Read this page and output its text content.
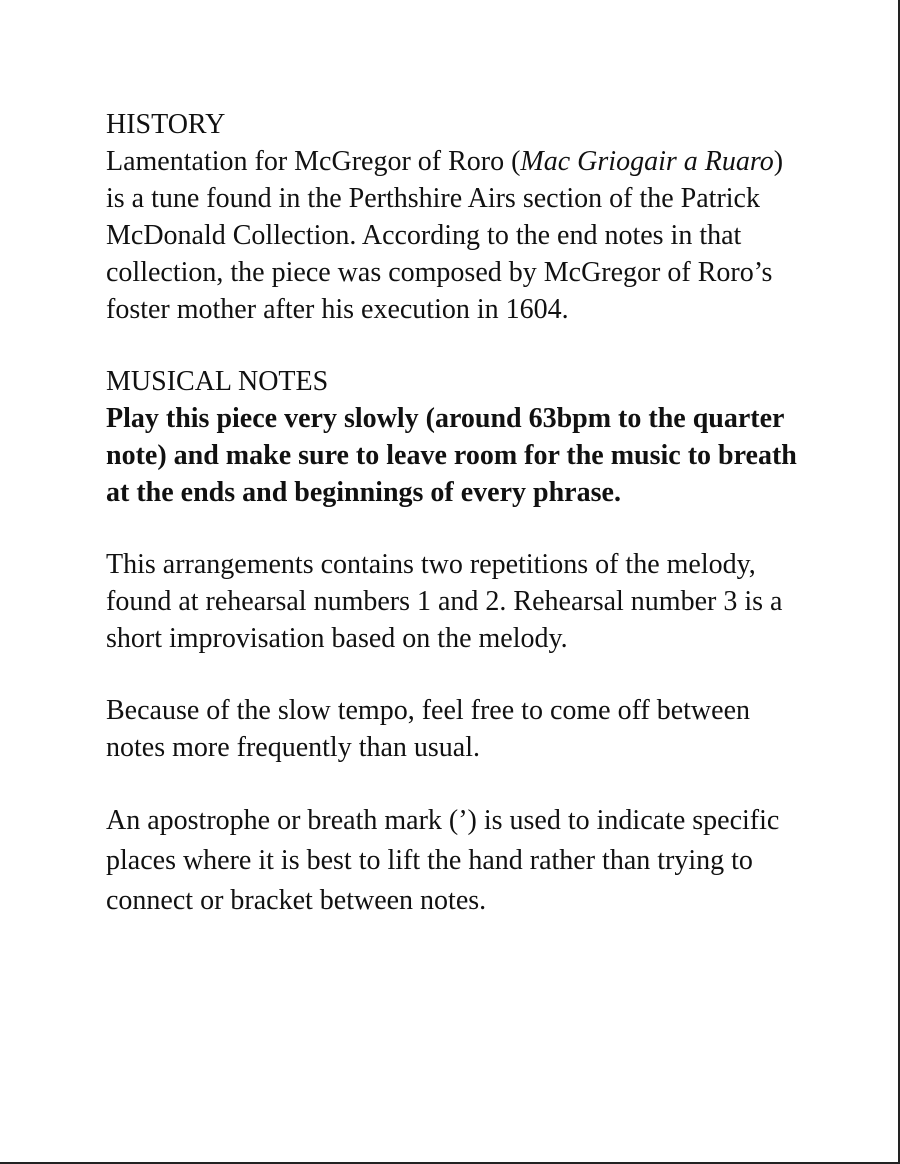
HISTORY

Lamentation for McGregor of Roro (Mac Griogair a Ruaro) is a tune found in the Perthshire Airs section of the Patrick McDonald Collection. According to the end notes in that collection, the piece was composed by McGregor of Roro’s foster mother after his execution in 1604.

MUSICAL NOTES

Play this piece very slowly (around 63bpm to the quarter note) and make sure to leave room for the music to breath at the ends and beginnings of every phrase.

This arrangements contains two repetitions of the melody, found at rehearsal numbers 1 and 2. Rehearsal number 3 is a short improvisation based on the melody.

Because of the slow tempo, feel free to come off between notes more frequently than usual.

An apostrophe or breath mark (’) is used to indicate specific places where it is best to lift the hand rather than trying to connect or bracket between notes.
